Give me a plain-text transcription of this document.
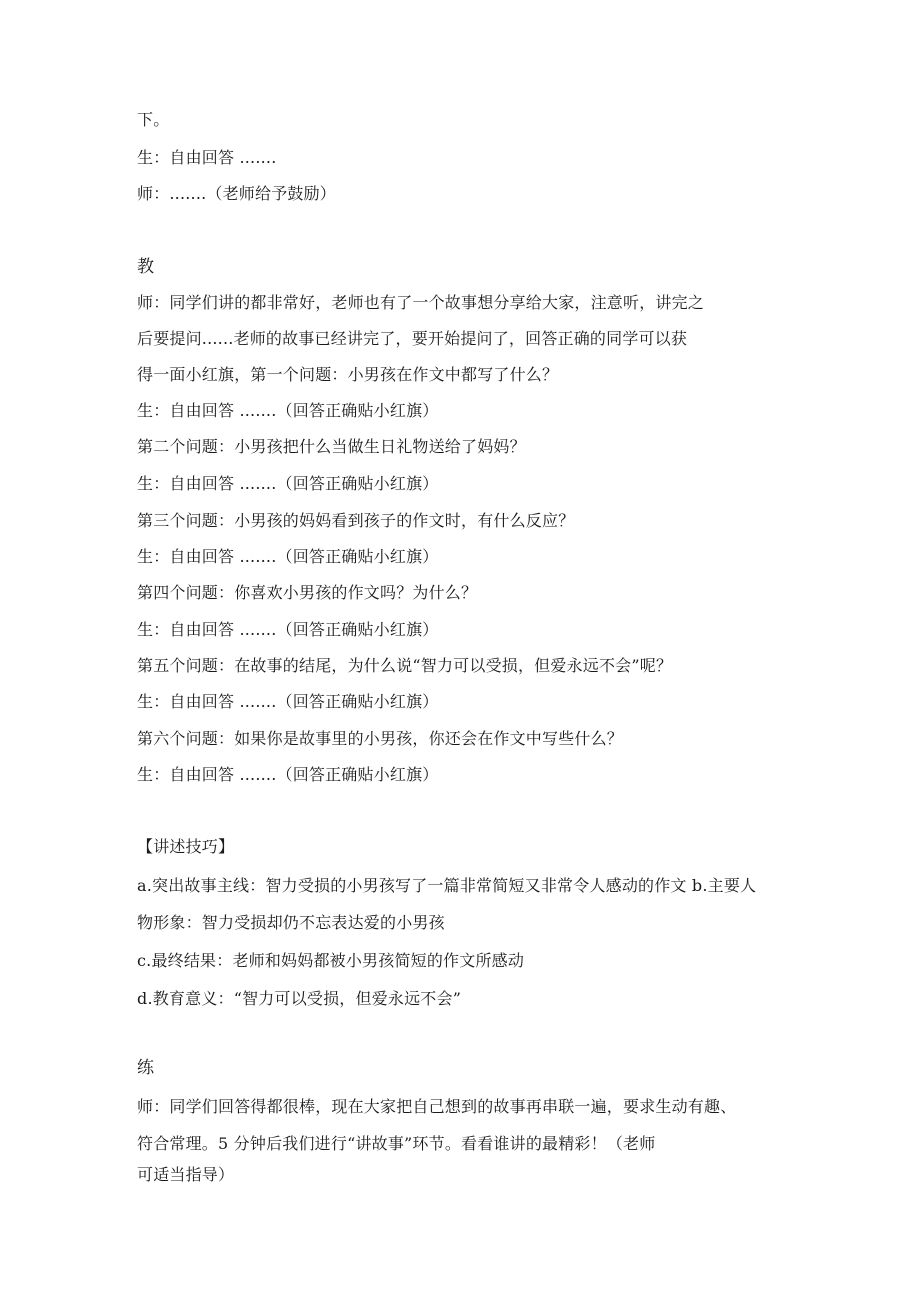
下。
生：自由回答 .......
师：.......（老师给予鼓励）
教
师：同学们讲的都非常好，老师也有了一个故事想分享给大家，注意听，讲完之
后要提问......老师的故事已经讲完了，要开始提问了，回答正确的同学可以获
得一面小红旗，第一个问题：小男孩在作文中都写了什么？
生：自由回答 .......（回答正确贴小红旗）
第二个问题：小男孩把什么当做生日礼物送给了妈妈？
生：自由回答 .......（回答正确贴小红旗）
第三个问题：小男孩的妈妈看到孩子的作文时，有什么反应？
生：自由回答 .......（回答正确贴小红旗）
第四个问题：你喜欢小男孩的作文吗？为什么？
生：自由回答 .......（回答正确贴小红旗）
第五个问题：在故事的结尾，为什么说“智力可以受损，但爱永远不会”呢？
生：自由回答 .......（回答正确贴小红旗）
第六个问题：如果你是故事里的小男孩，你还会在作文中写些什么？
生：自由回答 .......（回答正确贴小红旗）
【讲述技巧】
a.突出故事主线：智力受损的小男孩写了一篇非常简短又非常令人感动的作文 b.主要人
物形象：智力受损却仍不忘表达爱的小男孩
c.最终结果：老师和妈妈都被小男孩简短的作文所感动
d.教育意义：“智力可以受损，但爱永远不会”
练
师：同学们回答得都很棒，现在大家把自己想到的故事再串联一遍，要求生动有趣、
符合常理。5 分钟后我们进行“讲故事”环节。看看谁讲的最精彩！（老师
可适当指导）
